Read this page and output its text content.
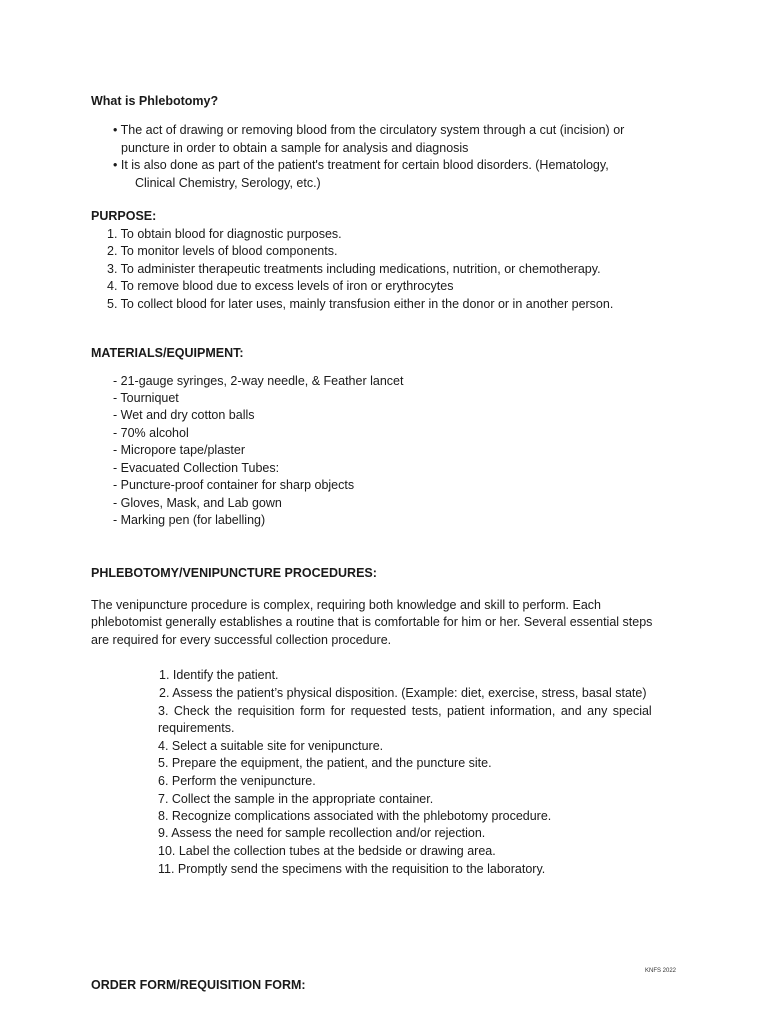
What is Phlebotomy?
• The act of drawing or removing blood from the circulatory system through a cut (incision) or
puncture in order to obtain a sample for analysis and diagnosis
• It is also done as part of the patient's treatment for certain blood disorders. (Hematology,
Clinical Chemistry, Serology, etc.)
PURPOSE:
1. To obtain blood for diagnostic purposes.
2. To monitor levels of blood components.
3. To administer therapeutic treatments including medications, nutrition, or chemotherapy.
4. To remove blood due to excess levels of iron or erythrocytes
5. To collect blood for later uses, mainly transfusion either in the donor or in another person.
MATERIALS/EQUIPMENT:
- 21-gauge syringes, 2-way needle, & Feather lancet
- Tourniquet
- Wet and dry cotton balls
- 70% alcohol
- Micropore tape/plaster
- Evacuated Collection Tubes:
- Puncture-proof container for sharp objects
- Gloves, Mask, and Lab gown
- Marking pen (for labelling)
PHLEBOTOMY/VENIPUNCTURE PROCEDURES:
The venipuncture procedure is complex, requiring both knowledge and skill to perform. Each
phlebotomist generally establishes a routine that is comfortable for him or her. Several essential steps
are required for every successful collection procedure.
1. Identify the patient.
2. Assess the patient’s physical disposition. (Example: diet, exercise, stress, basal state)
3. Check the requisition form for requested tests, patient information, and any special
requirements.
4. Select a suitable site for venipuncture.
5. Prepare the equipment, the patient, and the puncture site.
6. Perform the venipuncture.
7. Collect the sample in the appropriate container.
8. Recognize complications associated with the phlebotomy procedure.
9. Assess the need for sample recollection and/or rejection.
10. Label the collection tubes at the bedside or drawing area.
11. Promptly send the specimens with the requisition to the laboratory.
KNFS 2022
ORDER FORM/REQUISITION FORM:
